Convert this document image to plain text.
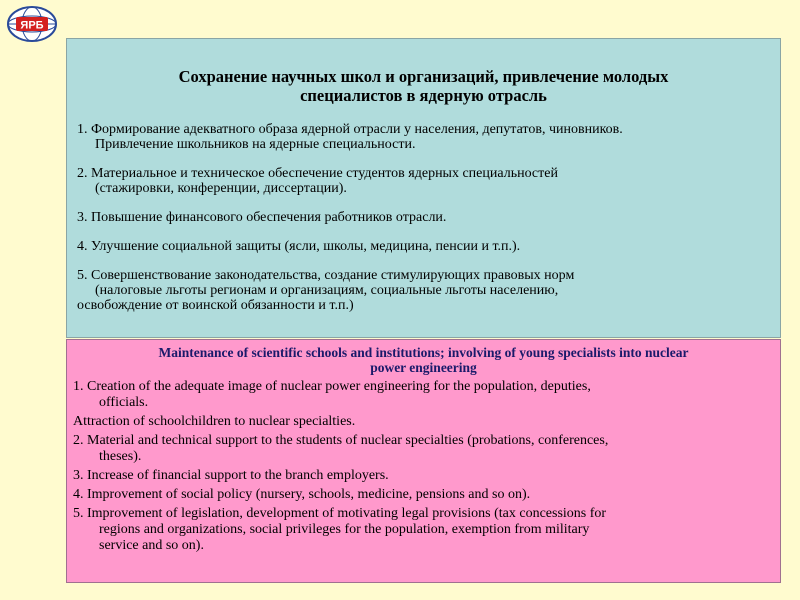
ЯРБ
Сохранение научных школ и организаций, привлечение молодых
специалистов в ядерную отрасль
1. Формирование адекватного образа ядерной отрасли у населения, депутатов, чиновников.
Привлечение школьников на ядерные специальности.
2. Материальное и техническое обеспечение студентов ядерных специальностей
(стажировки, конференции, диссертации).
3. Повышение финансового обеспечения работников отрасли.
4. Улучшение социальной защиты (ясли, школы, медицина, пенсии и т.п.).
5. Совершенствование законодательства, создание стимулирующих правовых норм
(налоговые льготы регионам и организациям, социальные льготы населению,
освобождение от воинской обязанности и т.п.)
Maintenance of scientific schools and institutions; involving of young specialists into nuclear
power engineering
1. Creation of the adequate image of nuclear power engineering for the population, deputies,
officials.
Attraction of schoolchildren to nuclear specialties.
2. Material and technical support to the students of nuclear specialties (probations, conferences,
theses).
3. Increase of financial support to the branch employers.
4. Improvement of social policy (nursery, schools, medicine, pensions and so on).
5. Improvement of legislation, development of motivating legal provisions (tax concessions for
regions and organizations, social privileges for the population, exemption from military
service and so on).
